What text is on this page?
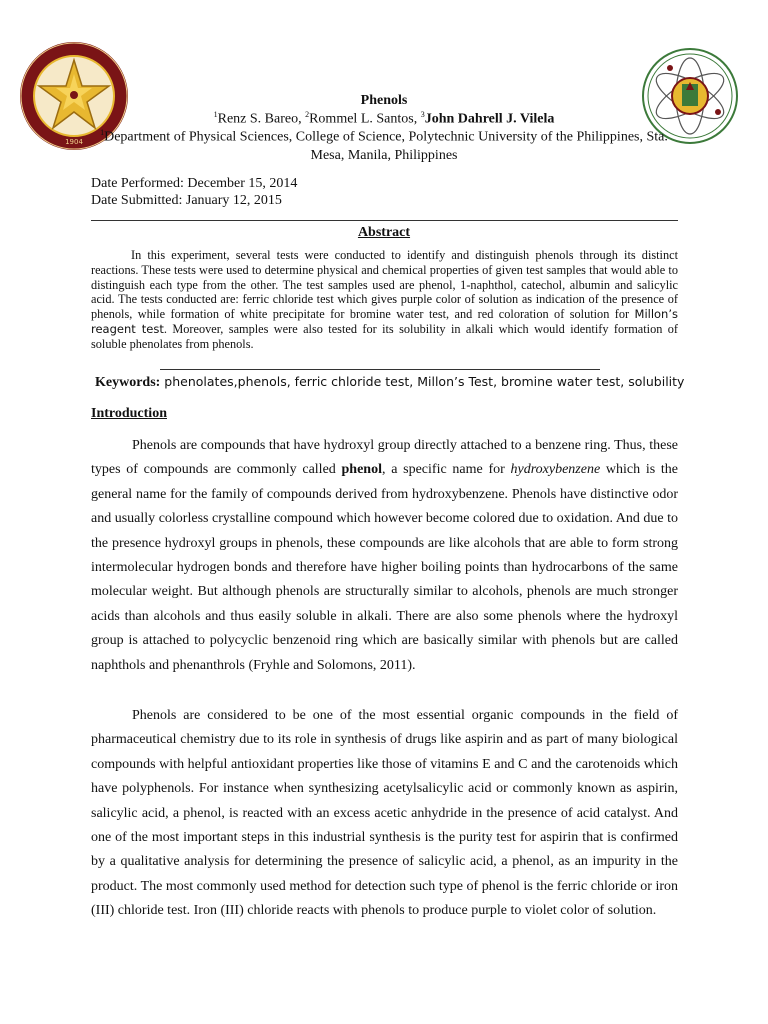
1904
Phenols
$^1$Renz S. Bareo, $^2$Rommel L. Santos, $^3$John Dahrell J. Vilela
$^1$Department of Physical Sciences, College of Science, Polytechnic University of the Philippines, Sta. Mesa, Manila, Philippines
Date Performed: December 15, 2014
Date Submitted: January 12, 2015
Abstract

In this experiment, several tests were conducted to identify and distinguish phenols through its distinct reactions. These tests were used to determine physical and chemical properties of given test samples that would able to distinguish each type from the other. The test samples used are phenol, 1-naphthol, catechol, albumin and salicylic acid. The tests conducted are: ferric chloride test which gives purple color of solution as indication of the presence of phenols, while formation of white precipitate for bromine water test, and red coloration of solution for Millon’s reagent test. Moreover, samples were also tested for its solubility in alkali which would identify formation of soluble phenolates from phenols.

Keywords: phenolates,phenols, ferric chloride test, Millon’s Test, bromine water test, solubility
Introduction

Phenols are compounds that have hydroxyl group directly attached to a benzene ring. Thus, these types of compounds are commonly called phenol, a specific name for hydroxybenzene which is the general name for the family of compounds derived from hydroxybenzene. Phenols have distinctive odor and usually colorless crystalline compound which however become colored due to oxidation. And due to the presence hydroxyl groups in phenols, these compounds are like alcohols that are able to form strong intermolecular hydrogen bonds and therefore have higher boiling points than hydrocarbons of the same molecular weight. But although phenols are structurally similar to alcohols, phenols are much stronger acids than alcohols and thus easily soluble in alkali. There are also some phenols where the hydroxyl group is attached to polycyclic benzenoid ring which are basically similar with phenols but are called naphthols and phenanthrols (Fryhle and Solomons, 2011).

Phenols are considered to be one of the most essential organic compounds in the field of pharmaceutical chemistry due to its role in synthesis of drugs like aspirin and as part of many biological compounds with helpful antioxidant properties like those of vitamins E and C and the carotenoids which have polyphenols. For instance when synthesizing acetylsalicylic acid or commonly known as aspirin, salicylic acid, a phenol, is reacted with an excess acetic anhydride in the presence of acid catalyst. And one of the most important steps in this industrial synthesis is the purity test for aspirin that is confirmed by a qualitative analysis for determining the presence of salicylic acid, a phenol, as an impurity in the product. The most commonly used method for detection such type of phenol is the ferric chloride or iron (III) chloride test. Iron (III) chloride reacts with phenols to produce purple to violet color of solution.
